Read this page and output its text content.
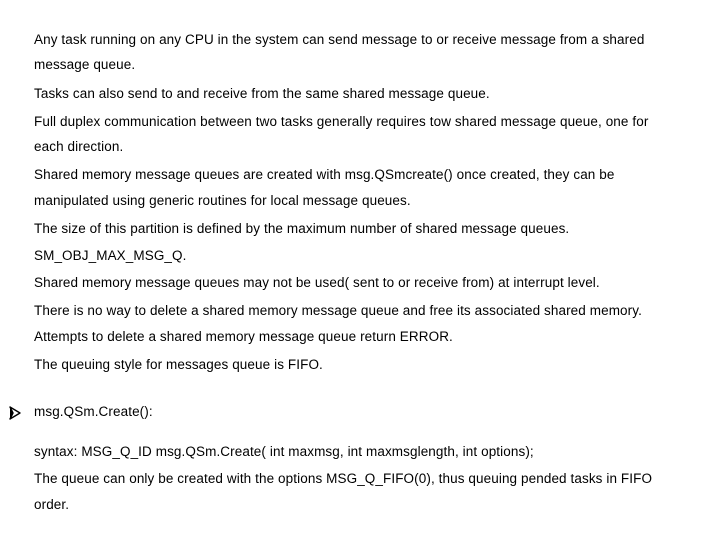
Any task running on any CPU in the system can send message to or receive message from a shared
message queue.
Tasks can also send to and receive from the same shared message queue.
Full duplex communication between two tasks generally requires tow shared message queue, one for
each direction.
Shared memory message queues are created with msg.QSmcreate() once created, they can be
manipulated using generic routines for local message queues.
The size of this partition is defined by the maximum number of shared message queues.
SM_OBJ_MAX_MSG_Q.
Shared memory message queues may not be used( sent to or receive from) at interrupt level.
There is no way to delete a shared memory message queue and free its associated shared memory.
Attempts to delete a shared memory message queue return ERROR.
The queuing style for messages queue is FIFO.
msg.QSm.Create():
syntax: MSG_Q_ID msg.QSm.Create( int maxmsg, int maxmsglength, int options);
The queue can only be created with the options MSG_Q_FIFO(0), thus queuing pended tasks in FIFO
order.
